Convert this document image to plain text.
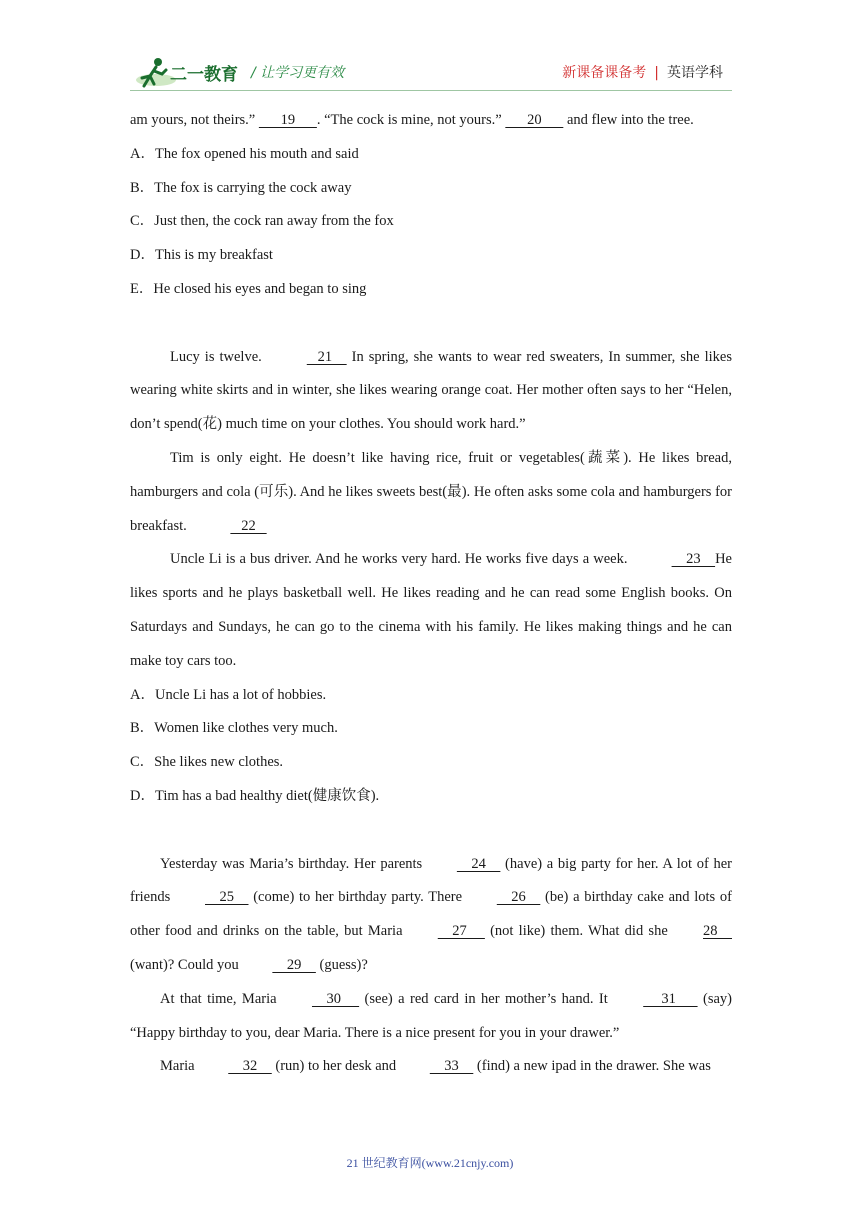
二一教育 / 让学习更有效	新课备课备考 | 英语学科

am yours, not theirs.”       19      . “The cock is mine, not yours.”       20       and flew into the tree.

A．The fox opened his mouth and said

B．The fox is carrying the cock away

C．Just then, the cock ran away from the fox

D．This is my breakfast

E．He closed his eyes and began to sing

Lucy is twelve.	21     In spring, she wants to wear red sweaters, In summer, she likes wearing white skirts and in winter, she likes wearing orange coat. Her mother often says to her “Helen, don’t spend(花) much time on your clothes. You should work hard.”

Tim is only eight. He doesn’t like having rice, fruit or vegetables(蔬菜). He likes bread, hamburgers and cola (可乐). And he likes sweets best(最). He often asks some cola and hamburgers for breakfast.	22

Uncle Li is a bus driver. And he works very hard. He works five days a week.	23    He likes sports and he plays basketball well. He likes reading and he can read some English books. On Saturdays and Sundays, he can go to the cinema with his family. He likes making things and he can make toy cars too.

A．Uncle Li has a lot of hobbies.

B．Women like clothes very much.

C．She likes new clothes.

D．Tim has a bad healthy diet(健康饮食).

Yesterday was Maria’s birthday. Her parents     24     (have) a big party for her. A lot of her friends     25     (come) to her birthday party. There     26     (be) a birthday cake and lots of other food and drinks on the table, but Maria     27      (not like) them. What did she 28     (want)? Could you     29     (guess)?

At that time, Maria     30      (see) a red card in her mother’s hand. It      31       (say) “Happy birthday to you, dear Maria. There is a nice present for you in your drawer.”

Maria     32     (run) to her desk and     33     (find) a new ipad in the drawer. She was

21 世纪教育网(www.21cnjy.com)
